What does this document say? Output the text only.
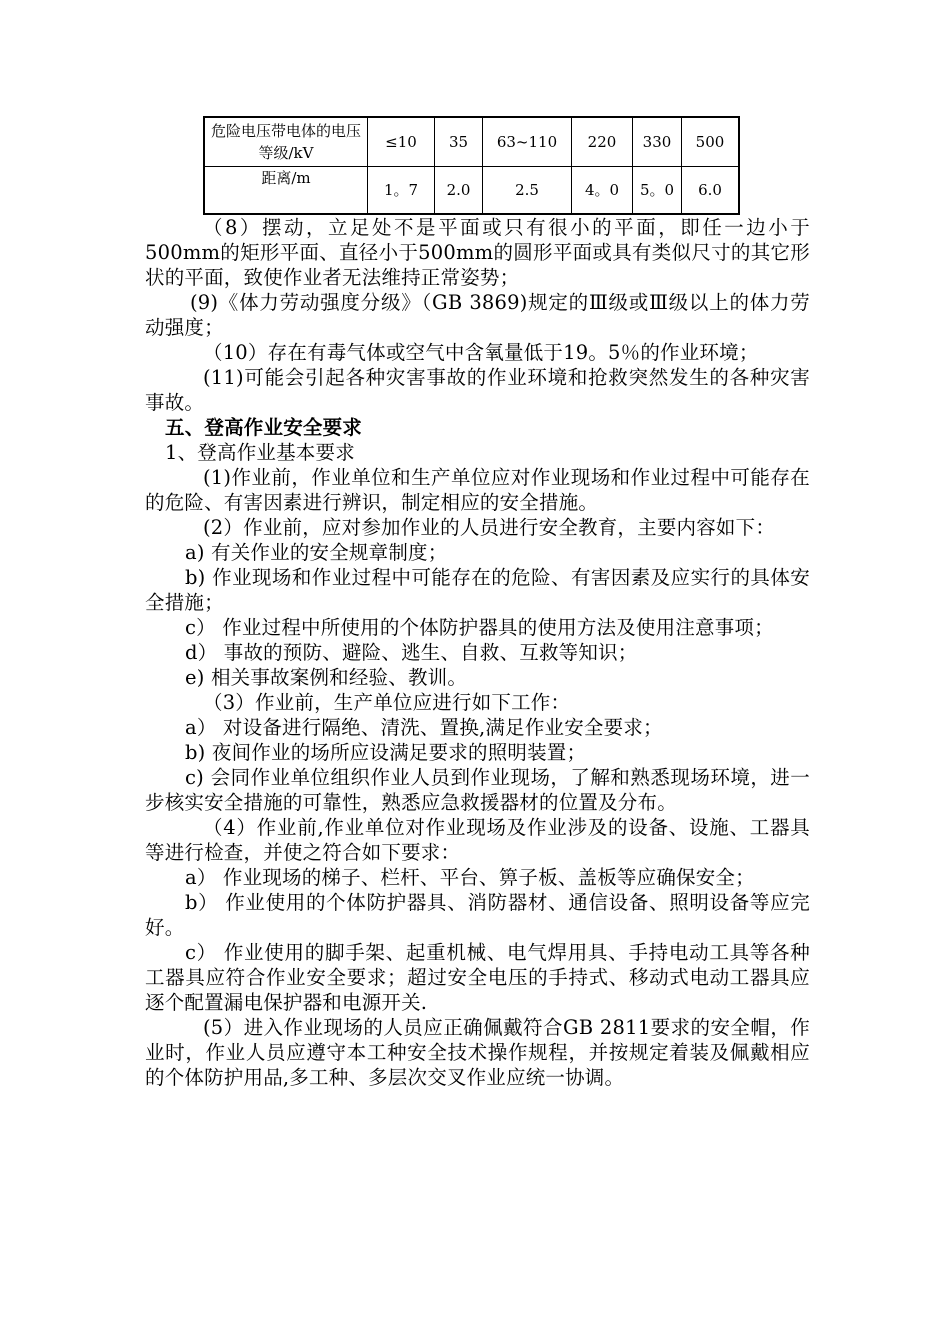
危险电压带电体的电压等级/kV	≤10	35	63~110	220	330	500
距离/m	1。7	2.0	2.5	4。0	5。0	6.0

（8）摆动，立足处不是平面或只有很小的平面，即任一边小于500mm的矩形平面、直径小于500mm的圆形平面或具有类似尺寸的其它形状的平面，致使作业者无法维持正常姿势；

(9)《体力劳动强度分级》（GB 3869)规定的Ⅲ级或Ⅲ级以上的体力劳动强度；

（10）存在有毒气体或空气中含氧量低于19。5％的作业环境；

(11)可能会引起各种灾害事故的作业环境和抢救突然发生的各种灾害事故。

五、登高作业安全要求

1、登高作业基本要求

(1)作业前，作业单位和生产单位应对作业现场和作业过程中可能存在的危险、有害因素进行辨识，制定相应的安全措施。

(2）作业前，应对参加作业的人员进行安全教育，主要内容如下：

a) 有关作业的安全规章制度；

b) 作业现场和作业过程中可能存在的危险、有害因素及应实行的具体安全措施；

c） 作业过程中所使用的个体防护器具的使用方法及使用注意事项；

d） 事故的预防、避险、逃生、自救、互救等知识；

e) 相关事故案例和经验、教训。

（3）作业前，生产单位应进行如下工作：

a） 对设备进行隔绝、清洗、置换,满足作业安全要求；

b) 夜间作业的场所应设满足要求的照明装置；

c) 会同作业单位组织作业人员到作业现场，了解和熟悉现场环境，进一步核实安全措施的可靠性，熟悉应急救援器材的位置及分布。

（4）作业前,作业单位对作业现场及作业涉及的设备、设施、工器具等进行检查，并使之符合如下要求：

a） 作业现场的梯子、栏杆、平台、箅子板、盖板等应确保安全；

b） 作业使用的个体防护器具、消防器材、通信设备、照明设备等应完好。

c） 作业使用的脚手架、起重机械、电气焊用具、手持电动工具等各种工器具应符合作业安全要求；超过安全电压的手持式、移动式电动工器具应逐个配置漏电保护器和电源开关.

(5）进入作业现场的人员应正确佩戴符合GB 2811要求的安全帽，作业时，作业人员应遵守本工种安全技术操作规程，并按规定着装及佩戴相应的个体防护用品,多工种、多层次交叉作业应统一协调。
